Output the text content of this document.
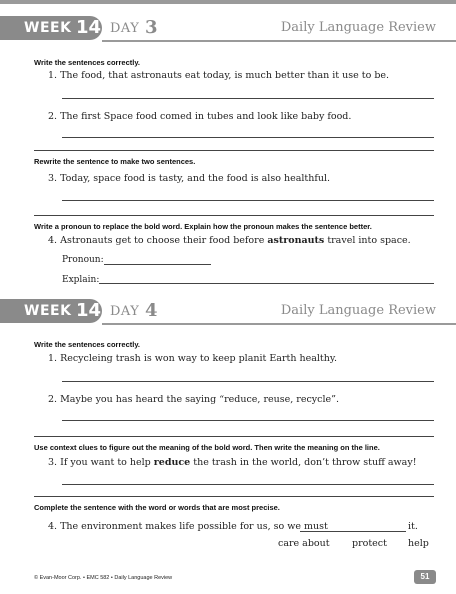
WEEK 14 DAY 3	Daily Language Review
Write the sentences correctly.
1. The food, that astronauts eat today, is much better than it use to be.
2. The first Space food comed in tubes and look like baby food.
Rewrite the sentence to make two sentences.
3. Today, space food is tasty, and the food is also healthful.
Write a pronoun to replace the bold word. Explain how the pronoun makes the sentence better.
4. Astronauts get to choose their food before astronauts travel into space.
Pronoun:
Explain:
WEEK 14 DAY 4	Daily Language Review
Write the sentences correctly.
1. Recycleing trash is won way to keep planit Earth healthy.
2. Maybe you has heard the saying “reduce, reuse, recycle”.
Use context clues to figure out the meaning of the bold word. Then write the meaning on the line.
3. If you want to help reduce the trash in the world, don’t throw stuff away!
Complete the sentence with the word or words that are most precise.
4. The environment makes life possible for us, so we must	it.
care about protect help
© Evan-Moor Corp. • EMC 582 • Daily Language Review	51
